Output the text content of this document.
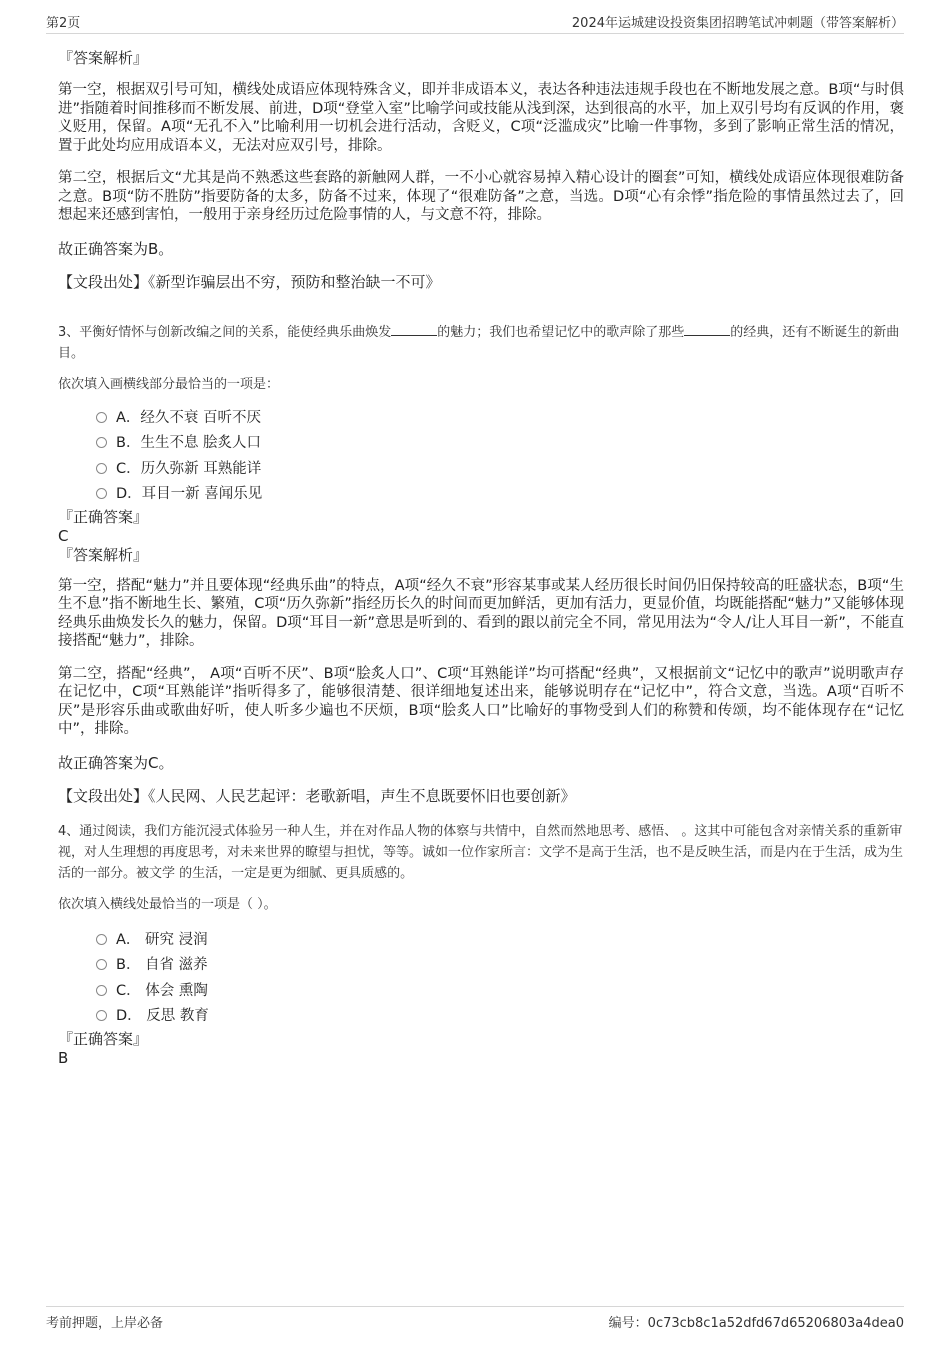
第2页	2024年运城建设投资集团招聘笔试冲刺题（带答案解析）

『答案解析』

第一空，根据双引号可知，横线处成语应体现特殊含义，即并非成语本义，表达各种违法违规手段也在不断地发展之意。B项“与时俱进”指随着时间推移而不断发展、前进，D项“登堂入室”比喻学问或技能从浅到深，达到很高的水平，加上双引号均有反讽的作用，褒义贬用，保留。A项“无孔不入”比喻利用一切机会进行活动，含贬义，C项“泛滥成灾”比喻一件事物，多到了影响正常生活的情况，置于此处均应用成语本义，无法对应双引号，排除。

第二空，根据后文“尤其是尚不熟悉这些套路的新触网人群，一不小心就容易掉入精心设计的圈套”可知，横线处成语应体现很难防备之意。B项“防不胜防”指要防备的太多，防备不过来，体现了“很难防备”之意，当选。D项“心有余悸”指危险的事情虽然过去了，回想起来还感到害怕，一般用于亲身经历过危险事情的人，与文意不符，排除。

故正确答案为B。

【文段出处】《新型诈骗层出不穷，预防和整治缺一不可》

3、平衡好情怀与创新改编之间的关系，能使经典乐曲焕发	的魅力；我们也希望记忆中的歌声除了那些	的经典，还有不断诞生的新曲目。

依次填入画横线部分最恰当的一项是：

A．经久不衰 百听不厌
B．生生不息 脍炙人口
C．历久弥新 耳熟能详
D．耳目一新 喜闻乐见

『正确答案』

C

『答案解析』

第一空，搭配“魅力”并且要体现“经典乐曲”的特点，A项“经久不衰”形容某事或某人经历很长时间仍旧保持较高的旺盛状态，B项“生生不息”指不断地生长、繁殖，C项“历久弥新”指经历长久的时间而更加鲜活，更加有活力，更显价值，均既能搭配“魅力”又能够体现经典乐曲焕发长久的魅力，保留。D项“耳目一新”意思是听到的、看到的跟以前完全不同，常见用法为“令人/让人耳目一新”，不能直接搭配“魅力”，排除。

第二空，搭配“经典”， A项“百听不厌”、B项“脍炙人口”、C项“耳熟能详”均可搭配“经典”，又根据前文“记忆中的歌声”说明歌声存在记忆中，C项“耳熟能详”指听得多了，能够很清楚、很详细地复述出来，能够说明存在“记忆中”，符合文意，当选。A项“百听不厌”是形容乐曲或歌曲好听，使人听多少遍也不厌烦，B项“脍炙人口”比喻好的事物受到人们的称赞和传颂，均不能体现存在“记忆中”，排除。

故正确答案为C。

【文段出处】《人民网、人民艺起评：老歌新唱，声生不息既要怀旧也要创新》

4、通过阅读，我们方能沉浸式体验另一种人生，并在对作品人物的体察与共情中，自然而然地思考、感悟、 。这其中可能包含对亲情关系的重新审视，对人生理想的再度思考，对未来世界的瞭望与担忧，等等。诚如一位作家所言：文学不是高于生活，也不是反映生活，而是内在于生活，成为生活的一部分。被文学 的生活，一定是更为细腻、更具质感的。

依次填入横线处最恰当的一项是（ ）。

A． 研究 浸润
B． 自省 滋养
C． 体会 熏陶
D． 反思 教育

『正确答案』

B

考前押题，上岸必备	编号：0c73cb8c1a52dfd67d65206803a4dea0
